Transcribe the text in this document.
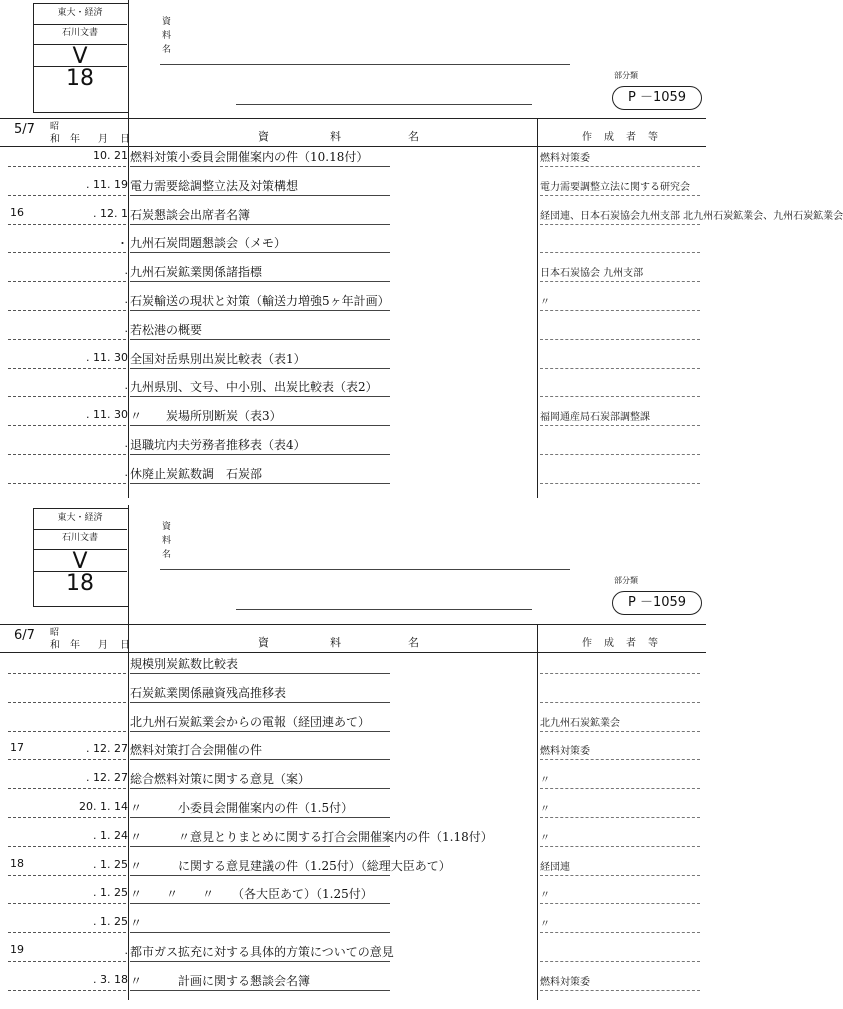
東大・経済
石川文書
V
18
資
料
名
部分類
P －1059
5/7 昭
和 年 月 日	資	料	名	作 成 者 等
10. 21 燃料対策小委員会開催案内の件（10.18付）	燃料対策委
. 11. 19 電力需要総調整立法及対策構想	電力需要調整立法に関する研究会
16	. 12. 1 石炭懇談会出席者名簿	経団連、日本石炭協会九州支部 北九州石炭鉱業会、九州石炭鉱業会
・ 九州石炭問題懇談会（メモ）
. 九州石炭鉱業関係諸指標	日本石炭協会 九州支部
. 石炭輸送の現状と対策（輸送力増強5ヶ年計画）	〃
. 若松港の概要
. 11. 30 全国対岳県別出炭比較表（表1）
. 九州県別、文号、中小別、出炭比較表（表2）
. 11. 30 〃　　炭場所別断炭（表3）	福岡通産局石炭部調整課
. 退職坑内夫労務者推移表（表4）
. 休廃止炭鉱数調　石炭部
東大・経済
石川文書
V
18
資
料
名
部分類
P －1059
6/7 昭
和 年 月 日	資	料	名	作 成 者 等
規模別炭鉱数比較表
石炭鉱業関係融資残高推移表
北九州石炭鉱業会からの電報（経団連あて）	北九州石炭鉱業会
17	. 12. 27 燃料対策打合会開催の件	燃料対策委
. 12. 27 総合燃料対策に関する意見（案）	〃
20. 1. 14 〃　　　小委員会開催案内の件（1.5付）	〃
. 1. 24 〃　　　〃意見とりまとめに関する打合会開催案内の件（1.18付）	〃
18	. 1. 25 〃　　　に関する意見建議の件（1.25付）（総理大臣あて）	経団連
. 1. 25 〃　　〃　　〃　　（各大臣あて）（1.25付）	〃
. 1. 25 〃	〃
19	. 都市ガス拡充に対する具体的方策についての意見
. 3. 18 〃　　　計画に関する懇談会名簿	燃料対策委
